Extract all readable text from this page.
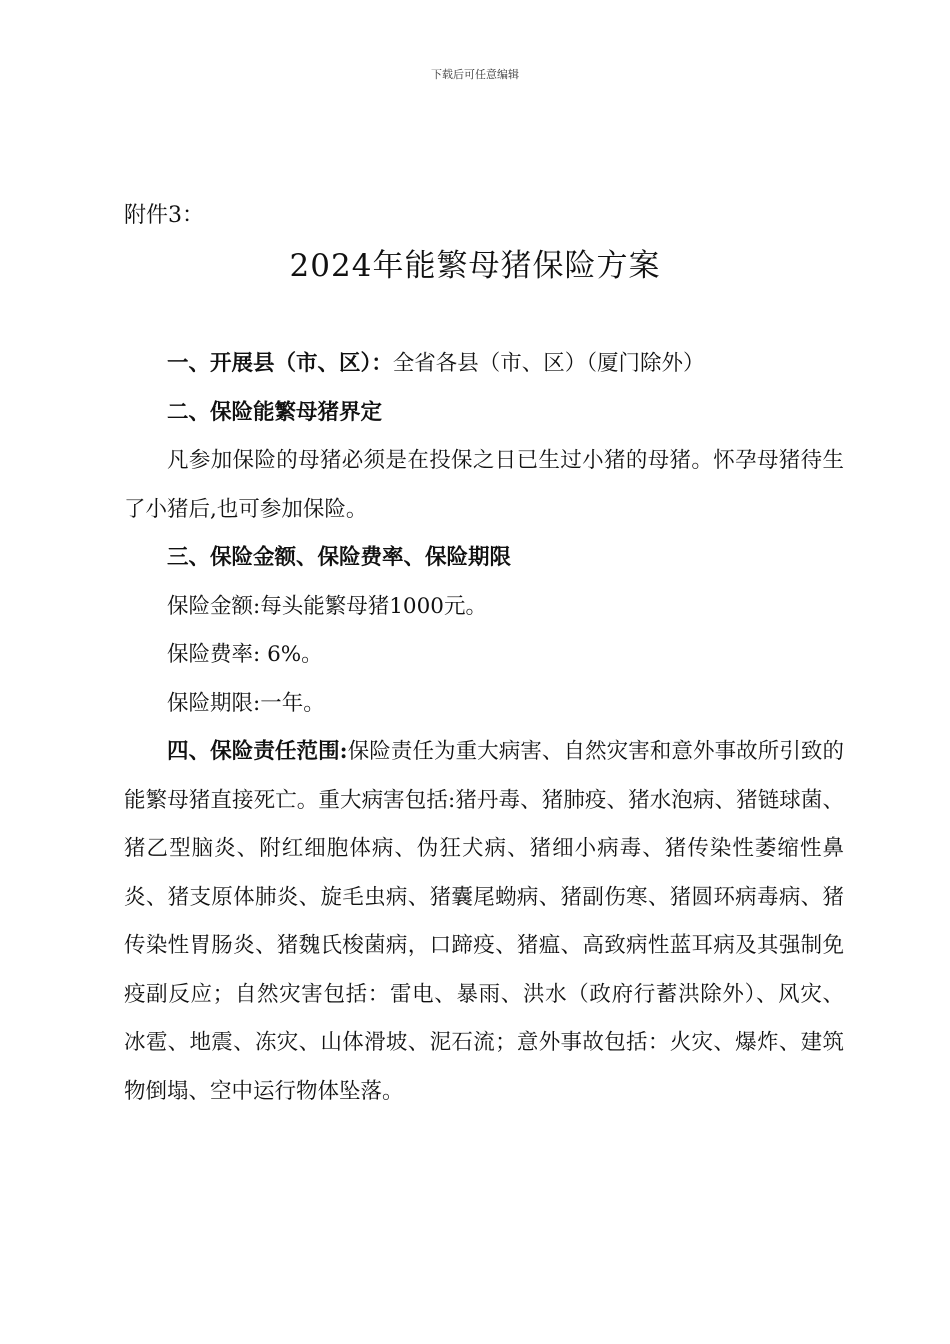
下载后可任意编辑
附件3：
2024年能繁母猪保险方案

一、开展县（市、区）：全省各县（市、区）（厦门除外）

二、保险能繁母猪界定

凡参加保险的母猪必须是在投保之日已生过小猪的母猪。怀孕母猪待生了小猪后,也可参加保险。

三、保险金额、保险费率、保险期限

保险金额:每头能繁母猪1000元。

保险费率: 6%。

保险期限:一年。

四、保险责任范围:保险责任为重大病害、自然灾害和意外事故所引致的能繁母猪直接死亡。重大病害包括:猪丹毒、猪肺疫、猪水泡病、猪链球菌、猪乙型脑炎、附红细胞体病、伪狂犬病、猪细小病毒、猪传染性萎缩性鼻炎、猪支原体肺炎、旋毛虫病、猪囊尾蚴病、猪副伤寒、猪圆环病毒病、猪传染性胃肠炎、猪魏氏梭菌病，口蹄疫、猪瘟、高致病性蓝耳病及其强制免疫副反应；自然灾害包括：雷电、暴雨、洪水（政府行蓄洪除外）、风灾、冰雹、地震、冻灾、山体滑坡、泥石流；意外事故包括：火灾、爆炸、建筑物倒塌、空中运行物体坠落。
